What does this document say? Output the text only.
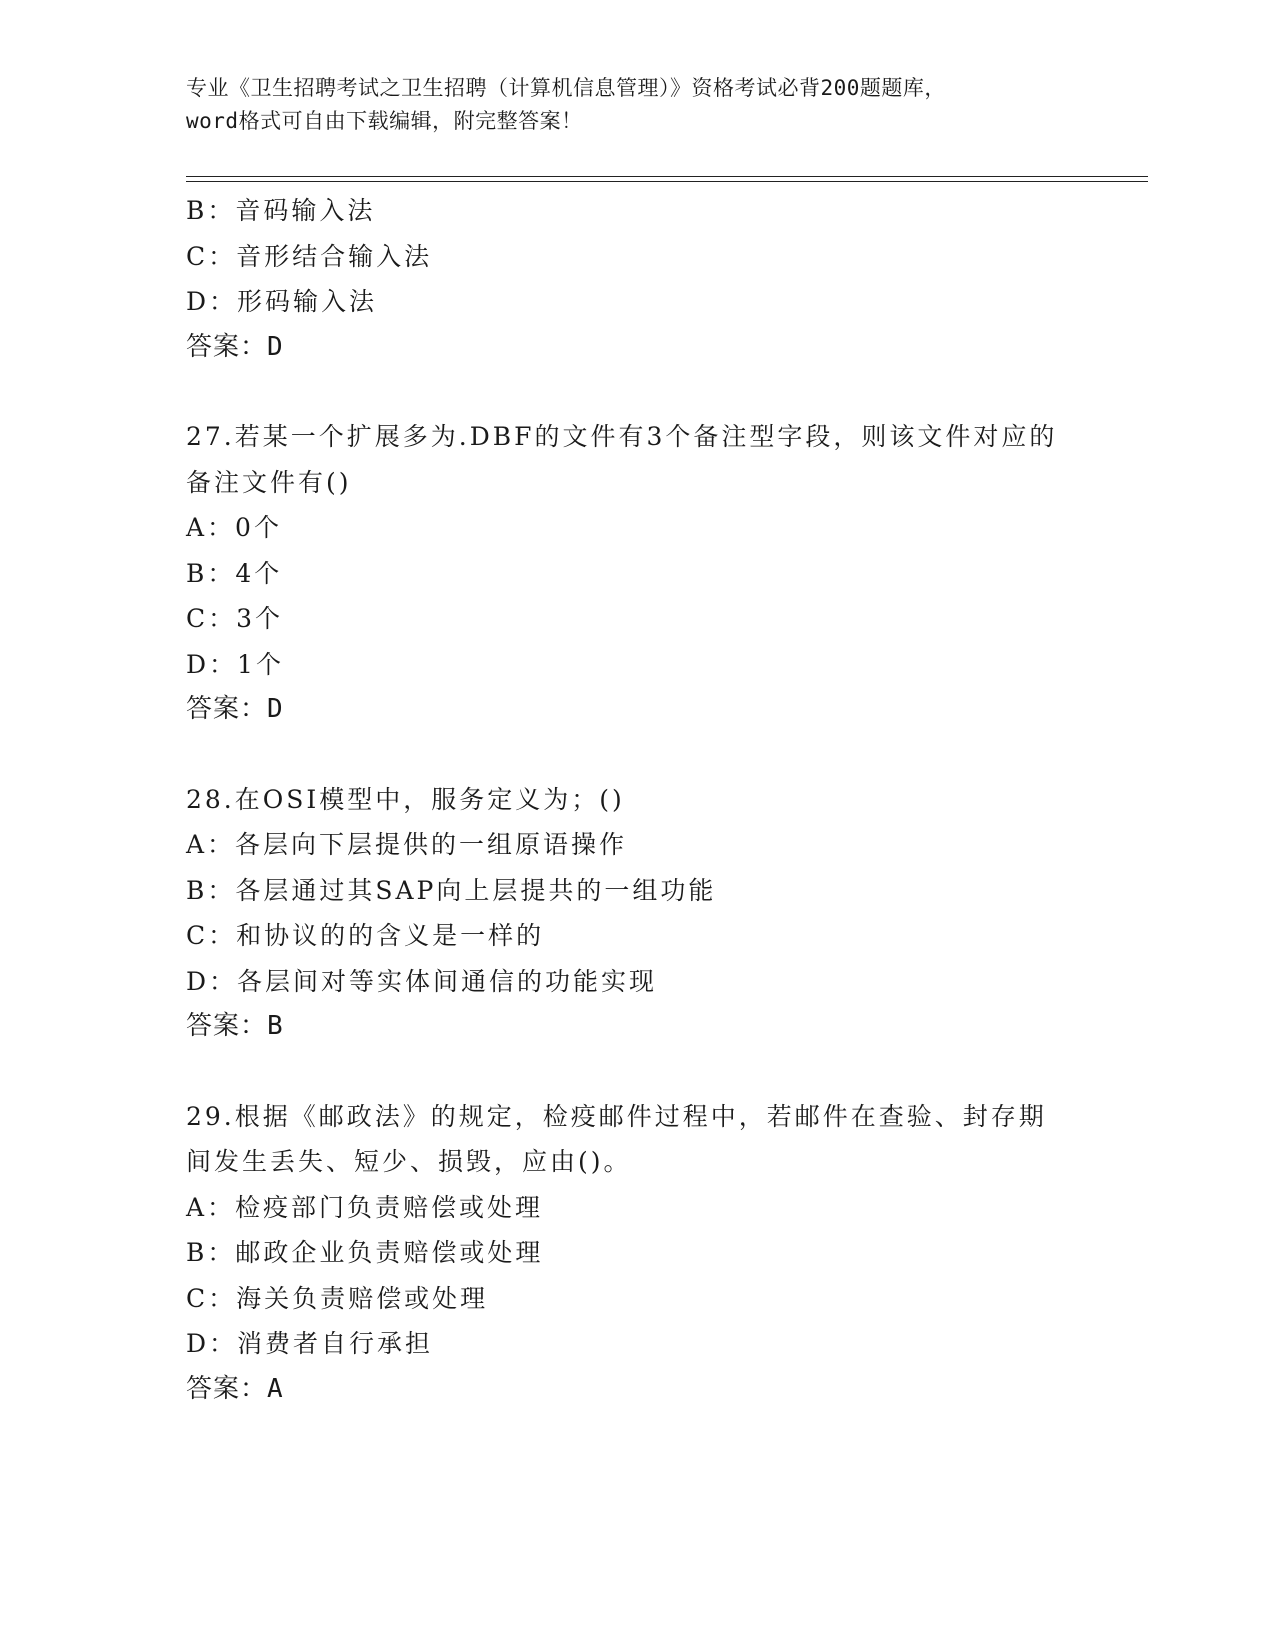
专业《卫生招聘考试之卫生招聘（计算机信息管理）》资格考试必背200题题库，
word格式可自由下载编辑，附完整答案！
B：音码输入法
C：音形结合输入法
D：形码输入法
答案：D
27.若某一个扩展多为.DBF的文件有3个备注型字段，则该文件对应的
备注文件有()
A：0个
B：4个
C：3个
D：1个
答案：D
28.在OSI模型中，服务定义为；()
A：各层向下层提供的一组原语操作
B：各层通过其SAP向上层提共的一组功能
C：和协议的的含义是一样的
D：各层间对等实体间通信的功能实现
答案：B
29.根据《邮政法》的规定，检疫邮件过程中，若邮件在查验、封存期
间发生丢失、短少、损毁，应由()。
A：检疫部门负责赔偿或处理
B：邮政企业负责赔偿或处理
C：海关负责赔偿或处理
D：消费者自行承担
答案：A
